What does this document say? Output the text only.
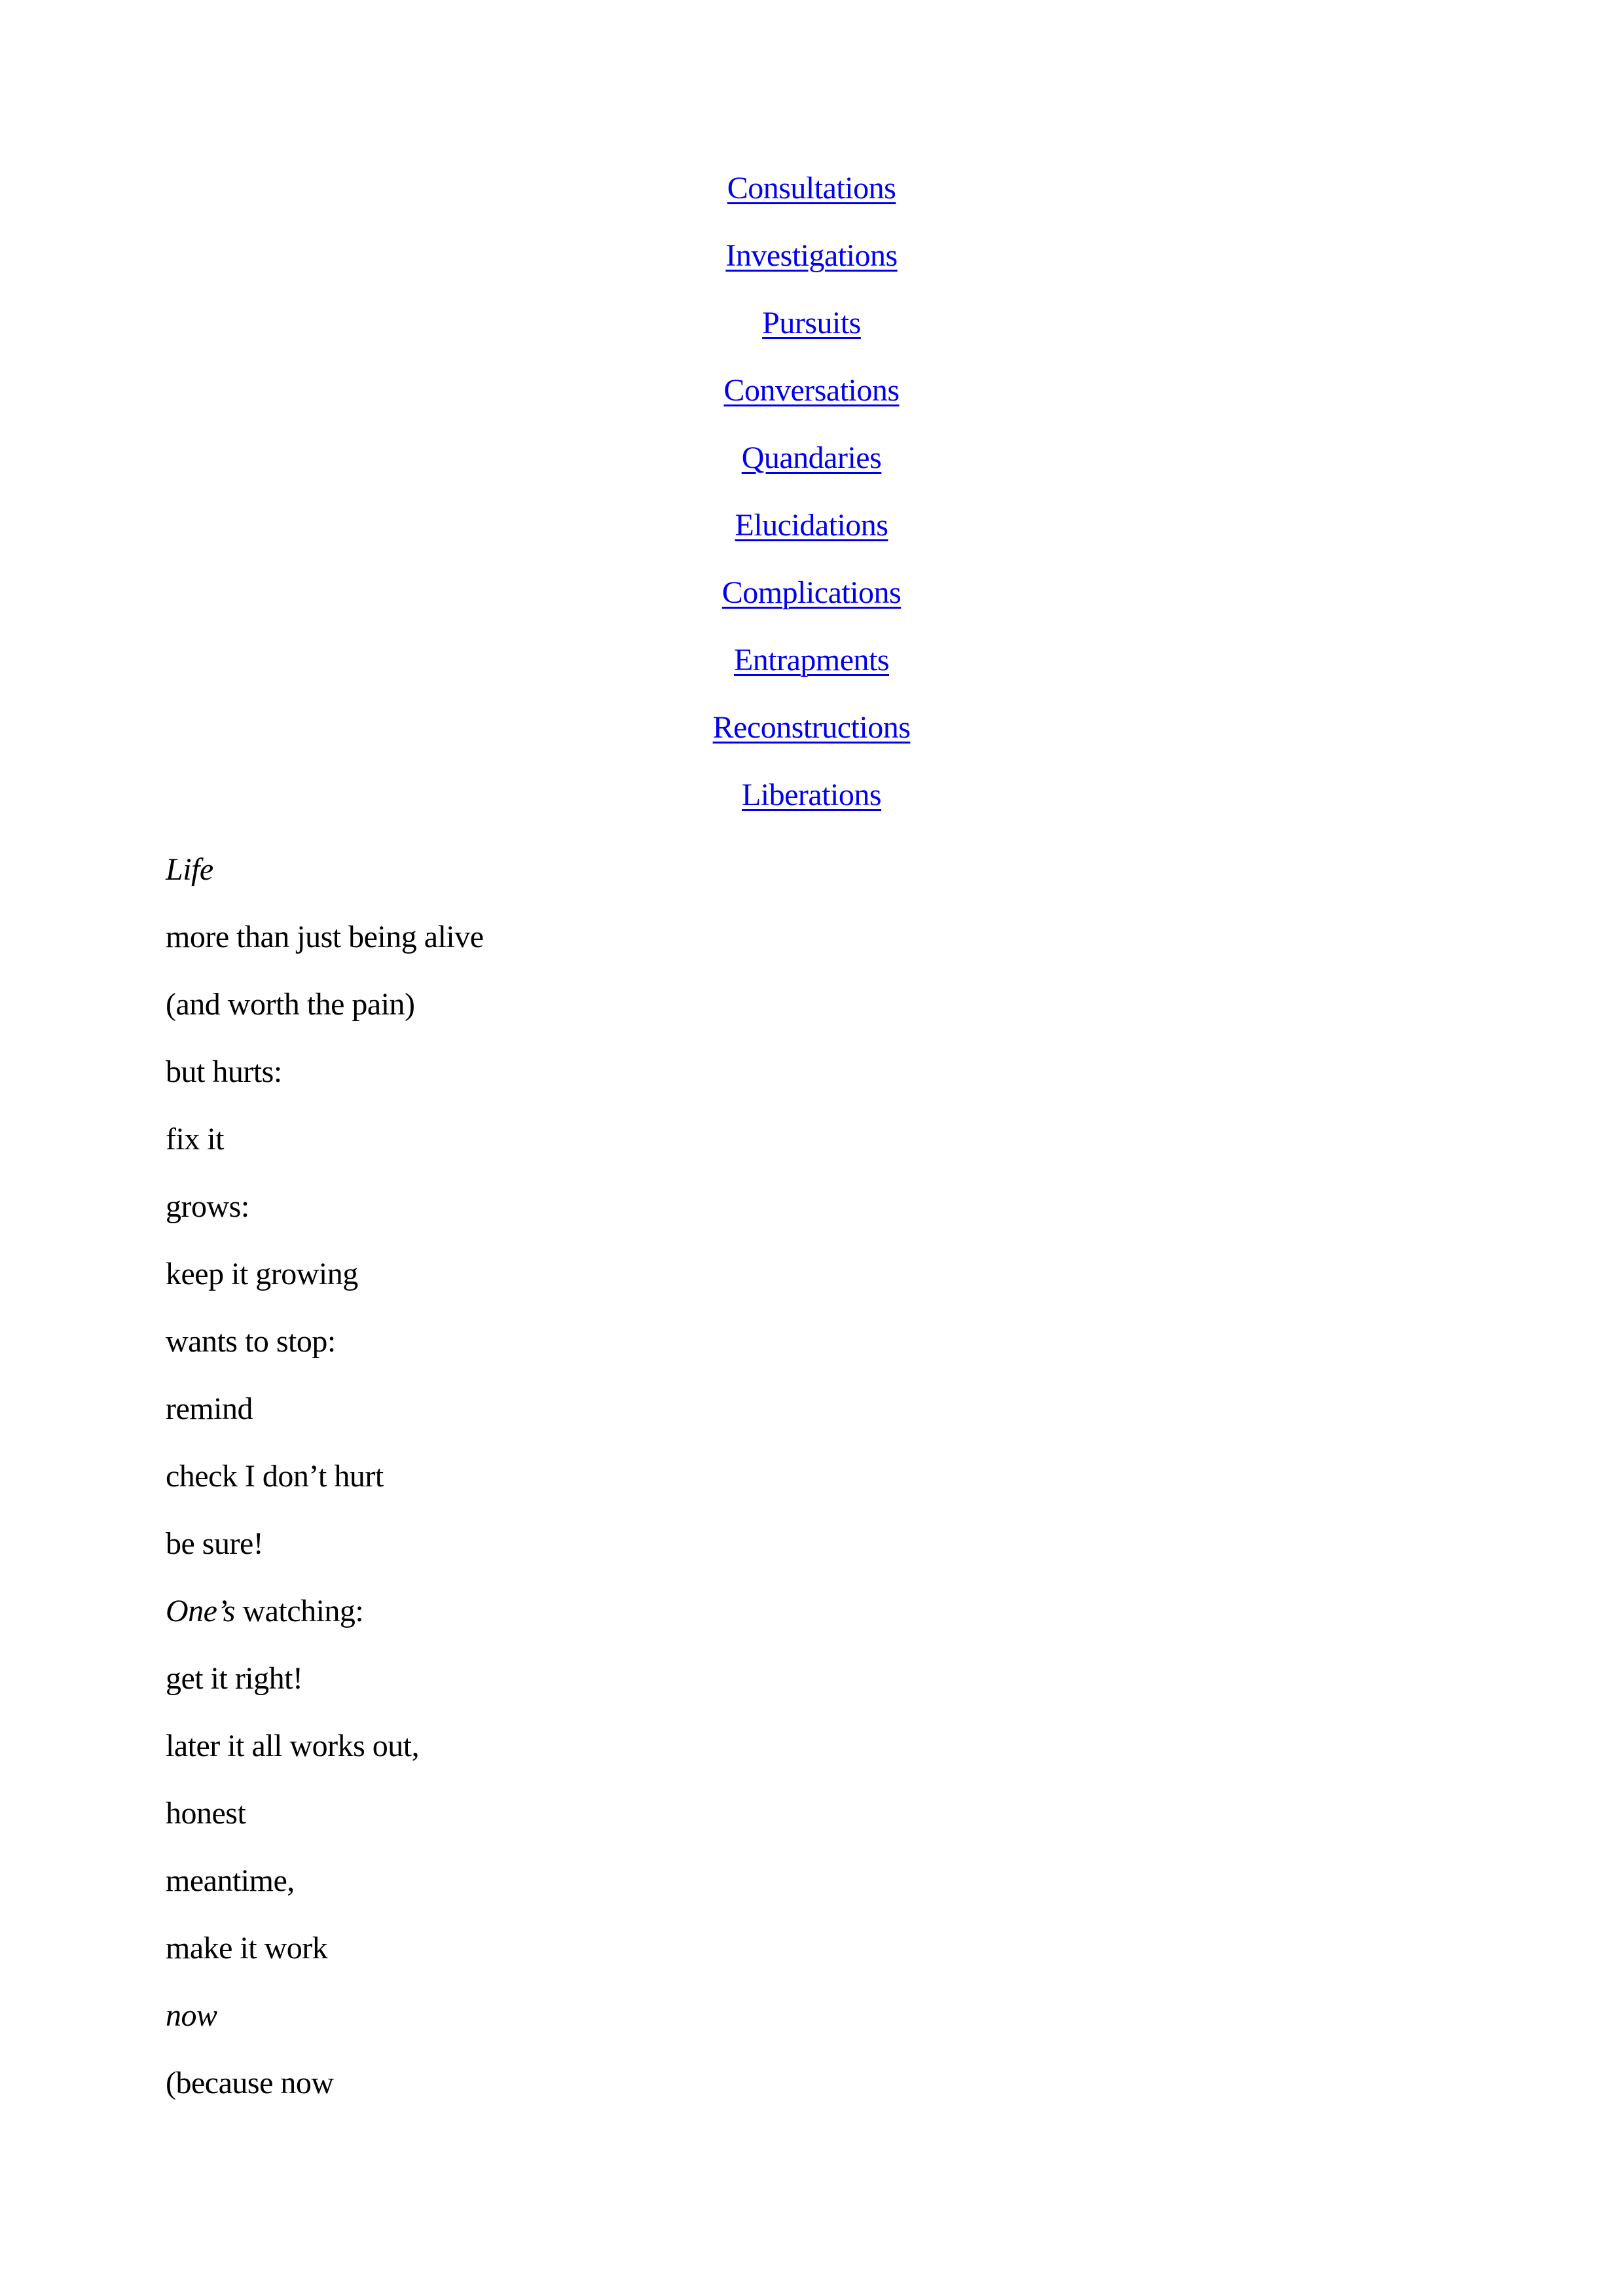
Consultations
Investigations
Pursuits
Conversations
Quandaries
Elucidations
Complications
Entrapments
Reconstructions
Liberations
Life
more than just being alive
(and worth the pain)
but hurts:
fix it
grows:
keep it growing
wants to stop:
remind
check I don’t hurt
be sure!
One’s watching:
get it right!
later it all works out,
honest
meantime,
make it work
now
(because now
